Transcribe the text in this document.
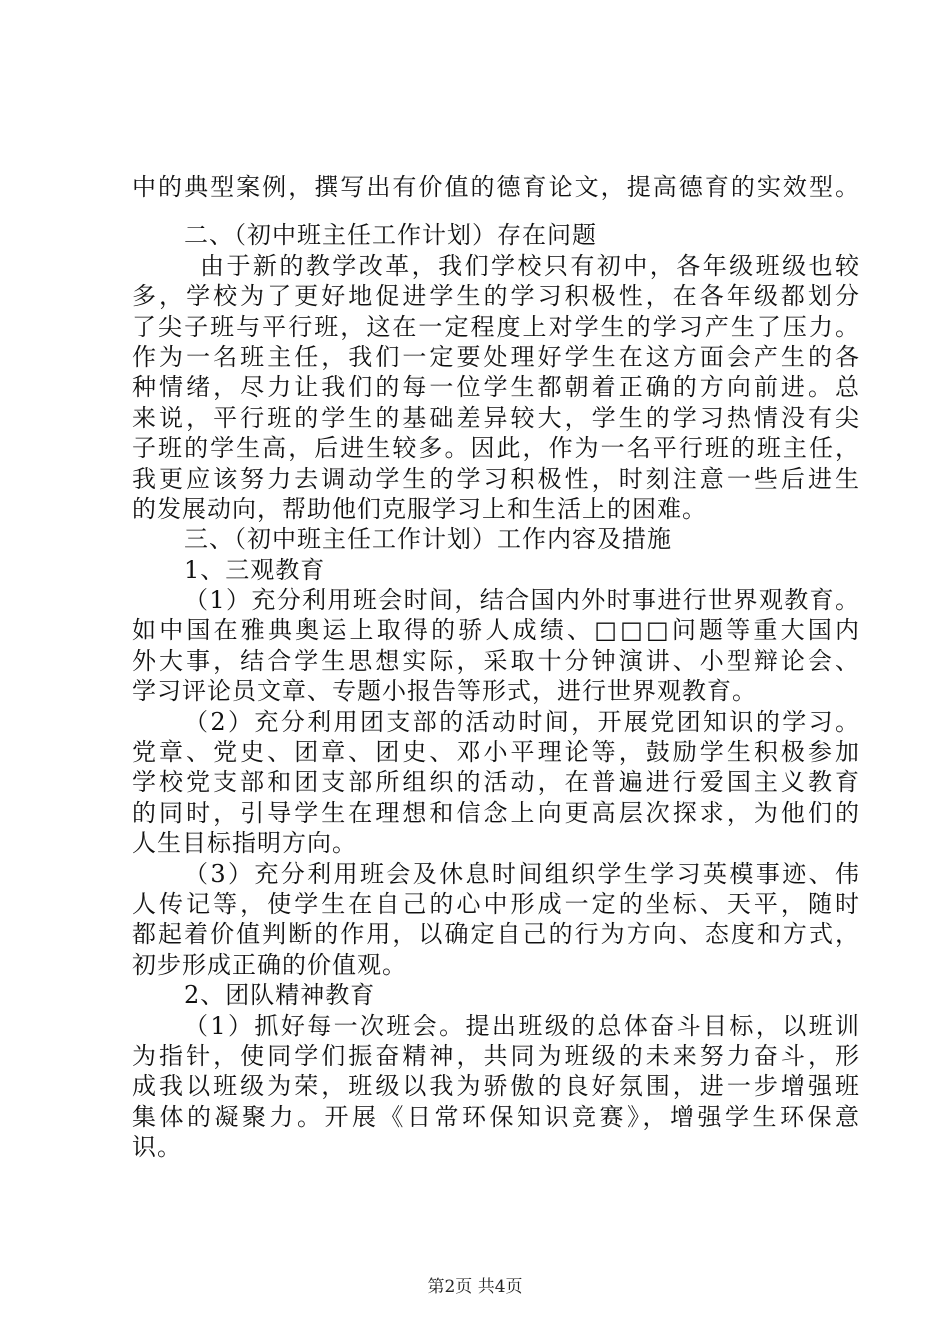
中的典型案例，撰写出有价值的德育论文，提高德育的实效型。
二、（初中班主任工作计划）存在问题
由于新的教学改革，我们学校只有初中，各年级班级也较
多，学校为了更好地促进学生的学习积极性，在各年级都划分
了尖子班与平行班，这在一定程度上对学生的学习产生了压力。
作为一名班主任，我们一定要处理好学生在这方面会产生的各
种情绪，尽力让我们的每一位学生都朝着正确的方向前进。总
来说，平行班的学生的基础差异较大，学生的学习热情没有尖
子班的学生高，后进生较多。因此，作为一名平行班的班主任，
我更应该努力去调动学生的学习积极性，时刻注意一些后进生
的发展动向，帮助他们克服学习上和生活上的困难。
三、（初中班主任工作计划）工作内容及措施
1、三观教育
（1）充分利用班会时间，结合国内外时事进行世界观教育。
如中国在雅典奥运上取得的骄人成绩、□□□问题等重大国内
外大事，结合学生思想实际，采取十分钟演讲、小型辩论会、
学习评论员文章、专题小报告等形式，进行世界观教育。
（2）充分利用团支部的活动时间，开展党团知识的学习。
党章、党史、团章、团史、邓小平理论等，鼓励学生积极参加
学校党支部和团支部所组织的活动，在普遍进行爱国主义教育
的同时，引导学生在理想和信念上向更高层次探求，为他们的
人生目标指明方向。
（3）充分利用班会及休息时间组织学生学习英模事迹、伟
人传记等，使学生在自己的心中形成一定的坐标、天平，随时
都起着价值判断的作用，以确定自己的行为方向、态度和方式，
初步形成正确的价值观。
2、团队精神教育
（1）抓好每一次班会。提出班级的总体奋斗目标，以班训
为指针，使同学们振奋精神，共同为班级的未来努力奋斗，形
成我以班级为荣，班级以我为骄傲的良好氛围，进一步增强班
集体的凝聚力。开展《日常环保知识竞赛》，增强学生环保意
识。
第2页 共4页
